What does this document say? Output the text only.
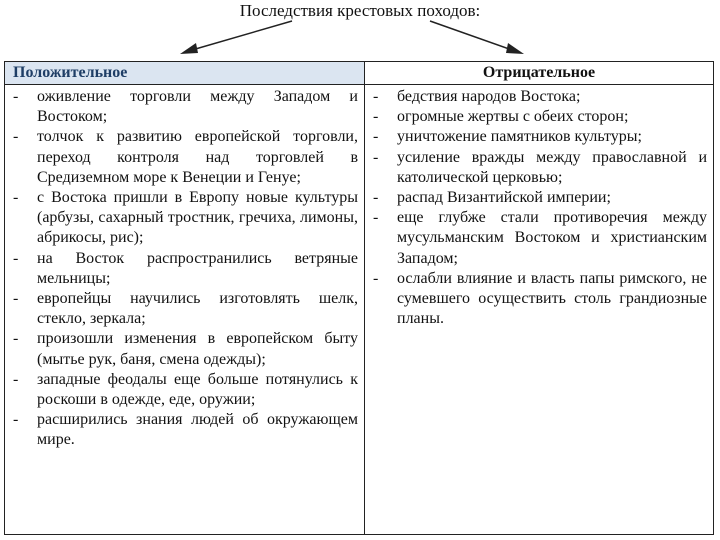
Последствия крестовых походов:
Положительное	Отрицательное
- оживление торговли между Западом и Востоком;
- толчок к развитию европейской торговли, переход контроля над торговлей в Средиземном море к Венеции и Генуе;
- с Востока пришли в Европу новые культуры (арбузы, сахарный тростник, гречиха, лимоны, абрикосы, рис);
- на Восток распространились ветряные мельницы;
- европейцы научились изготовлять шелк, стекло, зеркала;
- произошли изменения в европейском быту (мытье рук, баня, смена одежды);
- западные феодалы еще больше потянулись к роскоши в одежде, еде, оружии;
- расширились знания людей об окружающем мире.
- бедствия народов Востока;
- огромные жертвы с обеих сторон;
- уничтожение памятников культуры;
- усиление вражды между православной и католической церковью;
- распад Византийской империи;
- еще глубже стали противоречия между мусульманским Востоком и христианским Западом;
- ослабли влияние и власть папы римского, не сумевшего осуществить столь грандиозные планы.
